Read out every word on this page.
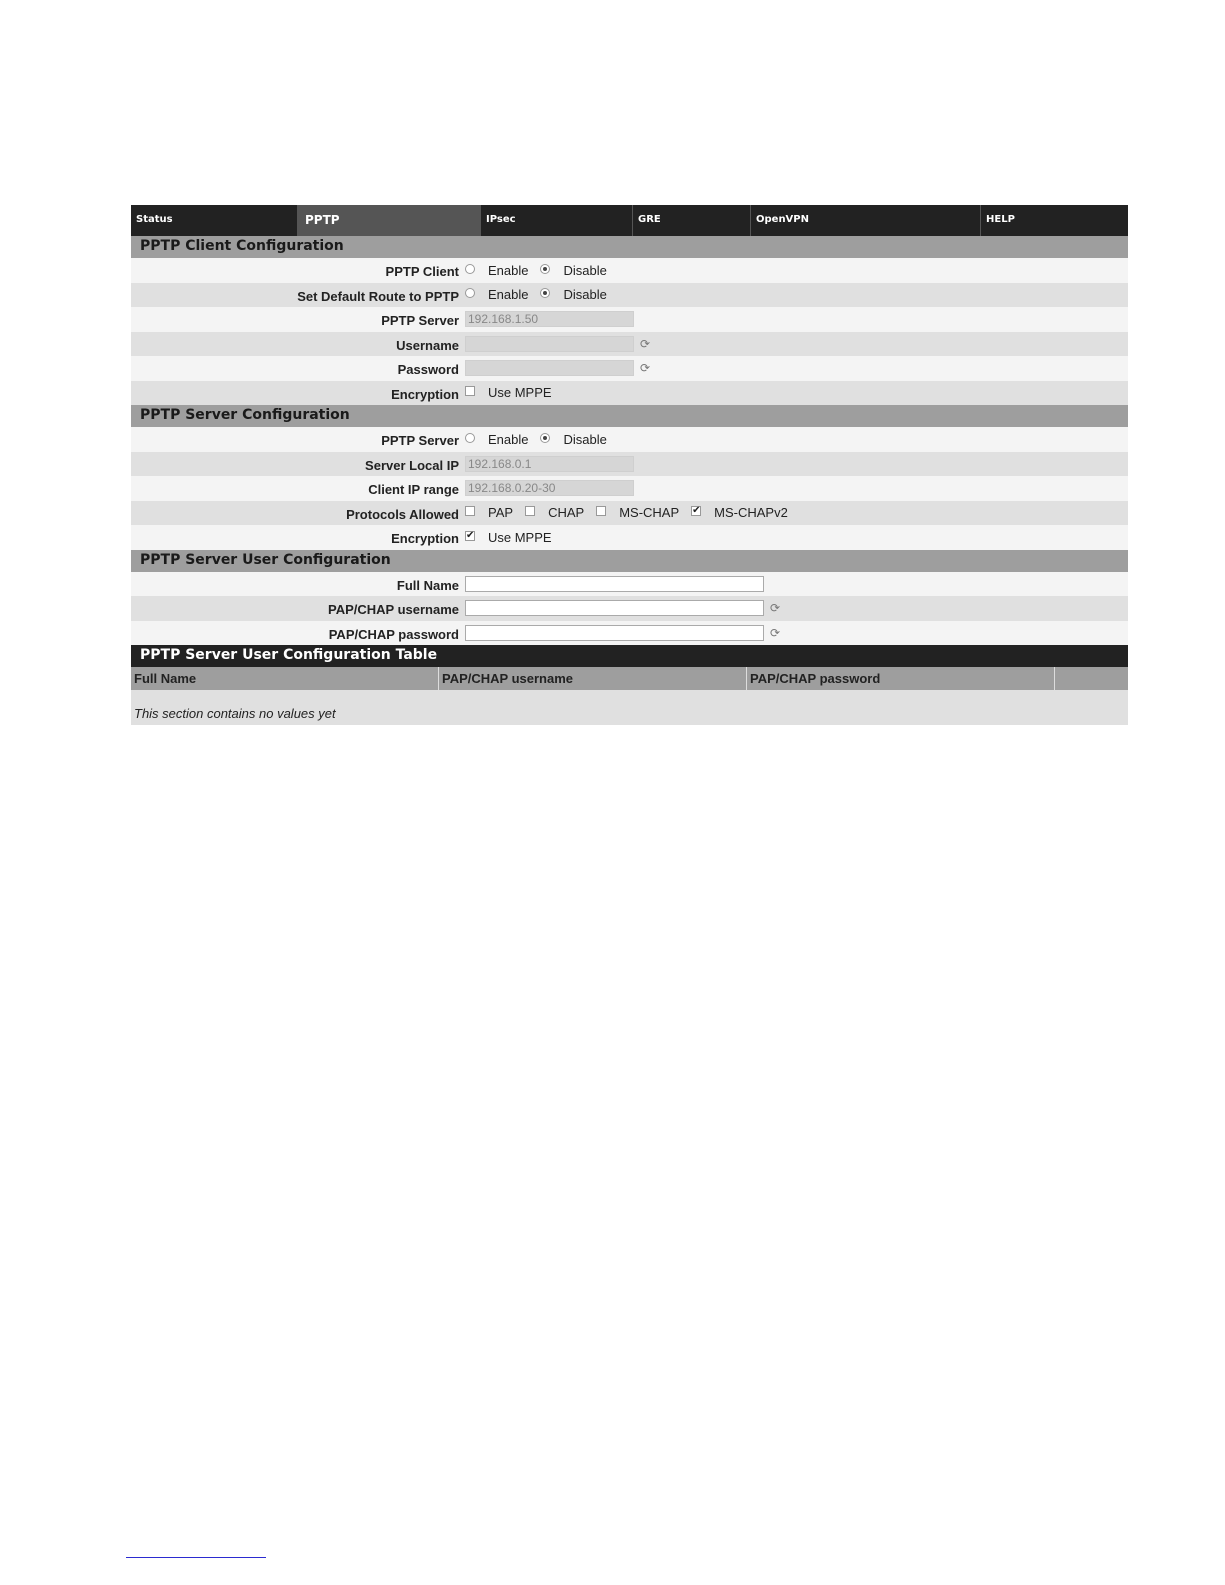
Status	PPTP	IPsec	GRE	OpenVPN	HELP
PPTP Client Configuration
PPTP Client Enable	Disable
Set Default Route to PPTP Enable	Disable
PPTP Server 192.168.1.50
Username	⟳
Password	⟳
Encryption Use MPPE
PPTP Server Configuration
PPTP Server Enable	Disable
Server Local IP 192.168.0.1
Client IP range 192.168.0.20-30
Protocols Allowed PAP	CHAP	MS-CHAP ✔ MS-CHAPv2
Encryption ✔ Use MPPE
PPTP Server User Configuration
Full Name
PAP/CHAP username	⟳
PAP/CHAP password	⟳
PPTP Server User Configuration Table
Full Name	PAP/CHAP username	PAP/CHAP password
This section contains no values yet
